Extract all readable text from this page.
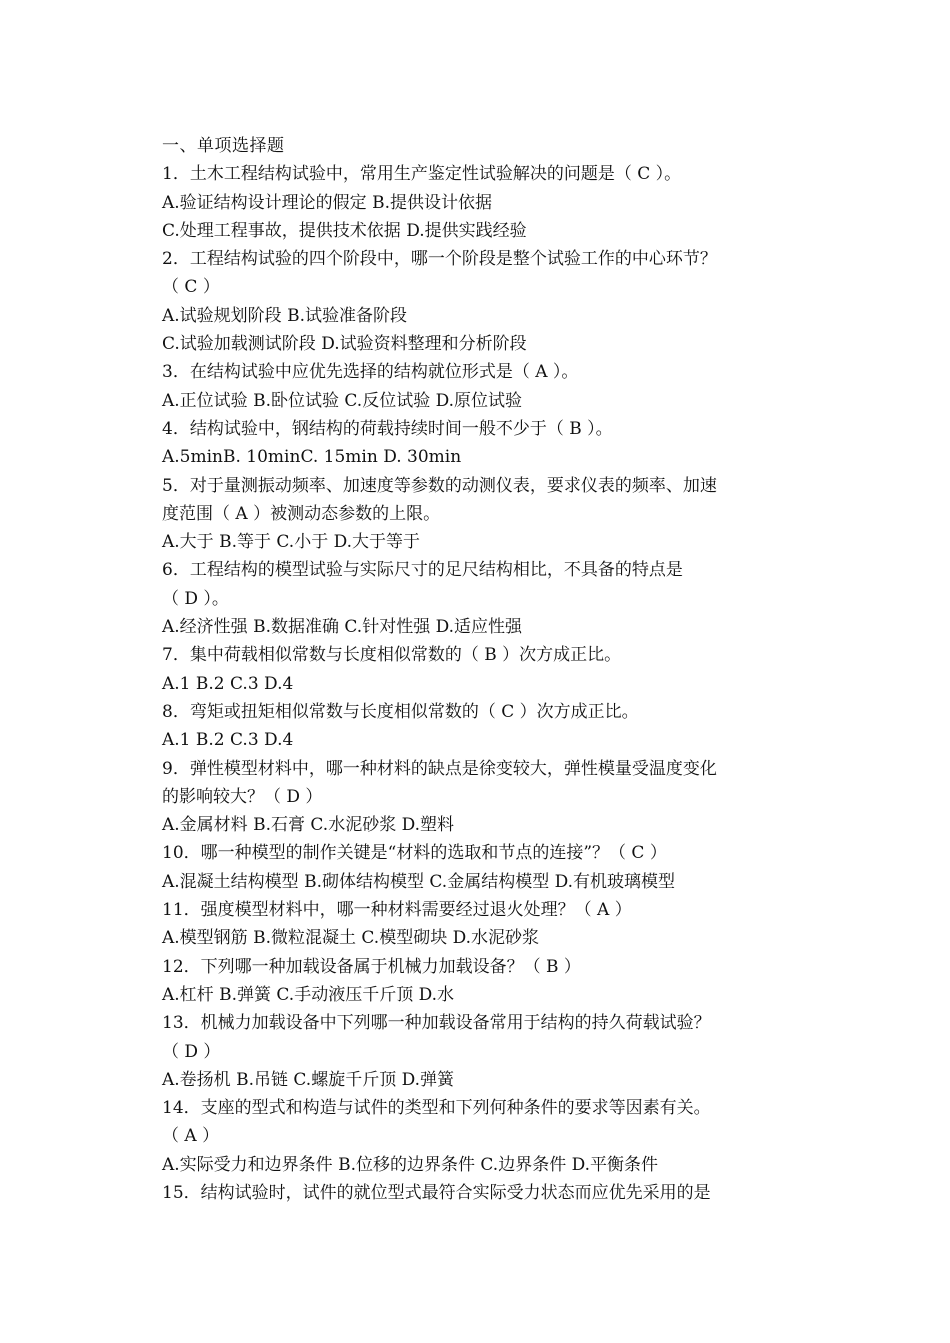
一、单项选择题
1．土木工程结构试验中，常用生产鉴定性试验解决的问题是（ C ）。
A.验证结构设计理论的假定 B.提供设计依据
C.处理工程事故，提供技术依据 D.提供实践经验
2．工程结构试验的四个阶段中，哪一个阶段是整个试验工作的中心环节？
（ C ）
A.试验规划阶段 B.试验准备阶段
C.试验加载测试阶段 D.试验资料整理和分析阶段
3．在结构试验中应优先选择的结构就位形式是（ A ）。
A.正位试验 B.卧位试验 C.反位试验 D.原位试验
4．结构试验中，钢结构的荷载持续时间一般不少于（ B ）。
A.5minB. 10minC. 15min D. 30min
5．对于量测振动频率、加速度等参数的动测仪表，要求仪表的频率、加速
度范围（ A ）被测动态参数的上限。
A.大于 B.等于 C.小于 D.大于等于
6．工程结构的模型试验与实际尺寸的足尺结构相比，不具备的特点是
（ D ）。
A.经济性强 B.数据准确 C.针对性强 D.适应性强
7．集中荷载相似常数与长度相似常数的（ B ）次方成正比。
A.1 B.2 C.3 D.4
8．弯矩或扭矩相似常数与长度相似常数的（ C ）次方成正比。
A.1 B.2 C.3 D.4
9．弹性模型材料中，哪一种材料的缺点是徐变较大，弹性模量受温度变化
的影响较大？（ D ）
A.金属材料 B.石膏 C.水泥砂浆 D.塑料
10．哪一种模型的制作关键是“材料的选取和节点的连接”？（ C ）
A.混凝土结构模型 B.砌体结构模型 C.金属结构模型 D.有机玻璃模型
11．强度模型材料中，哪一种材料需要经过退火处理？（ A ）
A.模型钢筋 B.微粒混凝土 C.模型砌块 D.水泥砂浆
12．下列哪一种加载设备属于机械力加载设备？（ B ）
A.杠杆 B.弹簧 C.手动液压千斤顶 D.水
13．机械力加载设备中下列哪一种加载设备常用于结构的持久荷载试验？
（ D ）
A.卷扬机 B.吊链 C.螺旋千斤顶 D.弹簧
14．支座的型式和构造与试件的类型和下列何种条件的要求等因素有关。
（ A ）
A.实际受力和边界条件 B.位移的边界条件 C.边界条件 D.平衡条件
15．结构试验时，试件的就位型式最符合实际受力状态而应优先采用的是
